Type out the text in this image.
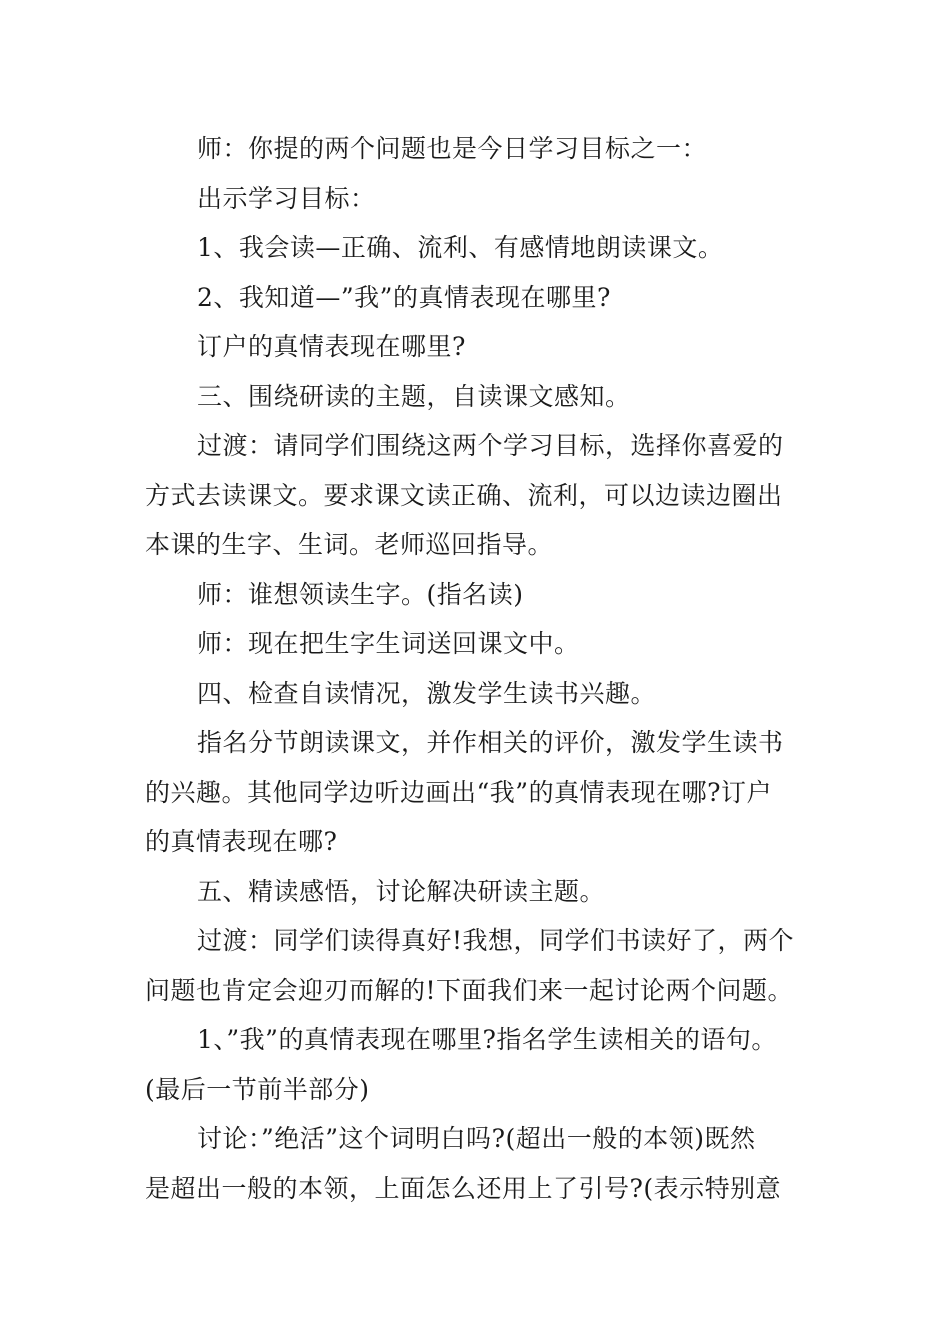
师：你提的两个问题也是今日学习目标之一：
出示学习目标：
1、我会读—正确、流利、有感情地朗读课文。
2、我知道—”我”的真情表现在哪里?
订户的真情表现在哪里?
三、围绕研读的主题，自读课文感知。
过渡：请同学们围绕这两个学习目标，选择你喜爱的
方式去读课文。要求课文读正确、流利，可以边读边圈出
本课的生字、生词。老师巡回指导。
师：谁想领读生字。(指名读)
师：现在把生字生词送回课文中。
四、检查自读情况，激发学生读书兴趣。
指名分节朗读课文，并作相关的评价，激发学生读书
的兴趣。其他同学边听边画出“我”的真情表现在哪?订户
的真情表现在哪?
五、精读感悟，讨论解决研读主题。
过渡：同学们读得真好!我想，同学们书读好了，两个
问题也肯定会迎刃而解的!下面我们来一起讨论两个问题。
1、”我”的真情表现在哪里?指名学生读相关的语句。
(最后一节前半部分)
讨论：”绝活”这个词明白吗?(超出一般的本领)既然
是超出一般的本领，上面怎么还用上了引号?(表示特别意
